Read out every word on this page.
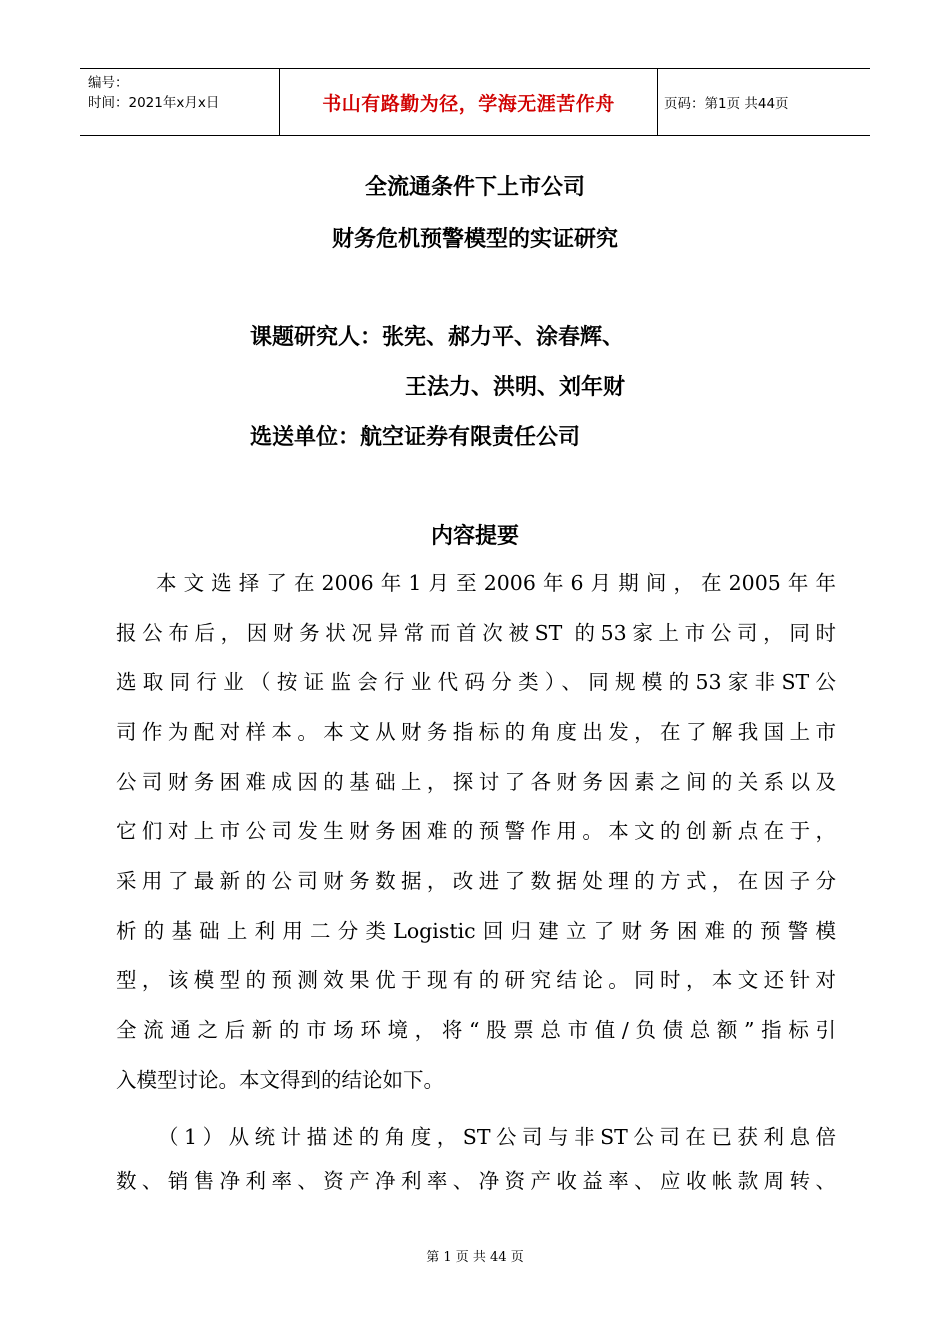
编号：
时间：2021年x月x日	书山有路勤为径，学海无涯苦作舟	页码：第1页 共44页
全流通条件下上市公司
财务危机预警模型的实证研究
课题研究人：张宪、郝力平、涂春辉、
王法力、洪明、刘年财
选送单位：航空证券有限责任公司
内容提要
本文选择了在2006年1月至2006年6月期间，在2005年年
报公布后，因财务状况异常而首次被ST 的53家上市公司，同时
选取同行业（按证监会行业代码分类）、同规模的53家非ST公
司作为配对样本。本文从财务指标的角度出发，在了解我国上市
公司财务困难成因的基础上，探讨了各财务因素之间的关系以及
它们对上市公司发生财务困难的预警作用。本文的创新点在于，
采用了最新的公司财务数据，改进了数据处理的方式，在因子分
析的基础上利用二分类Logistic回归建立了财务困难的预警模
型，该模型的预测效果优于现有的研究结论。同时，本文还针对
全流通之后新的市场环境，将“股票总市值/负债总额”指标引
入模型讨论。本文得到的结论如下。
（1）从统计描述的角度，ST公司与非ST公司在已获利息倍
数、销售净利率、资产净利率、净资产收益率、应收帐款周转、
第 1 页 共 44 页
